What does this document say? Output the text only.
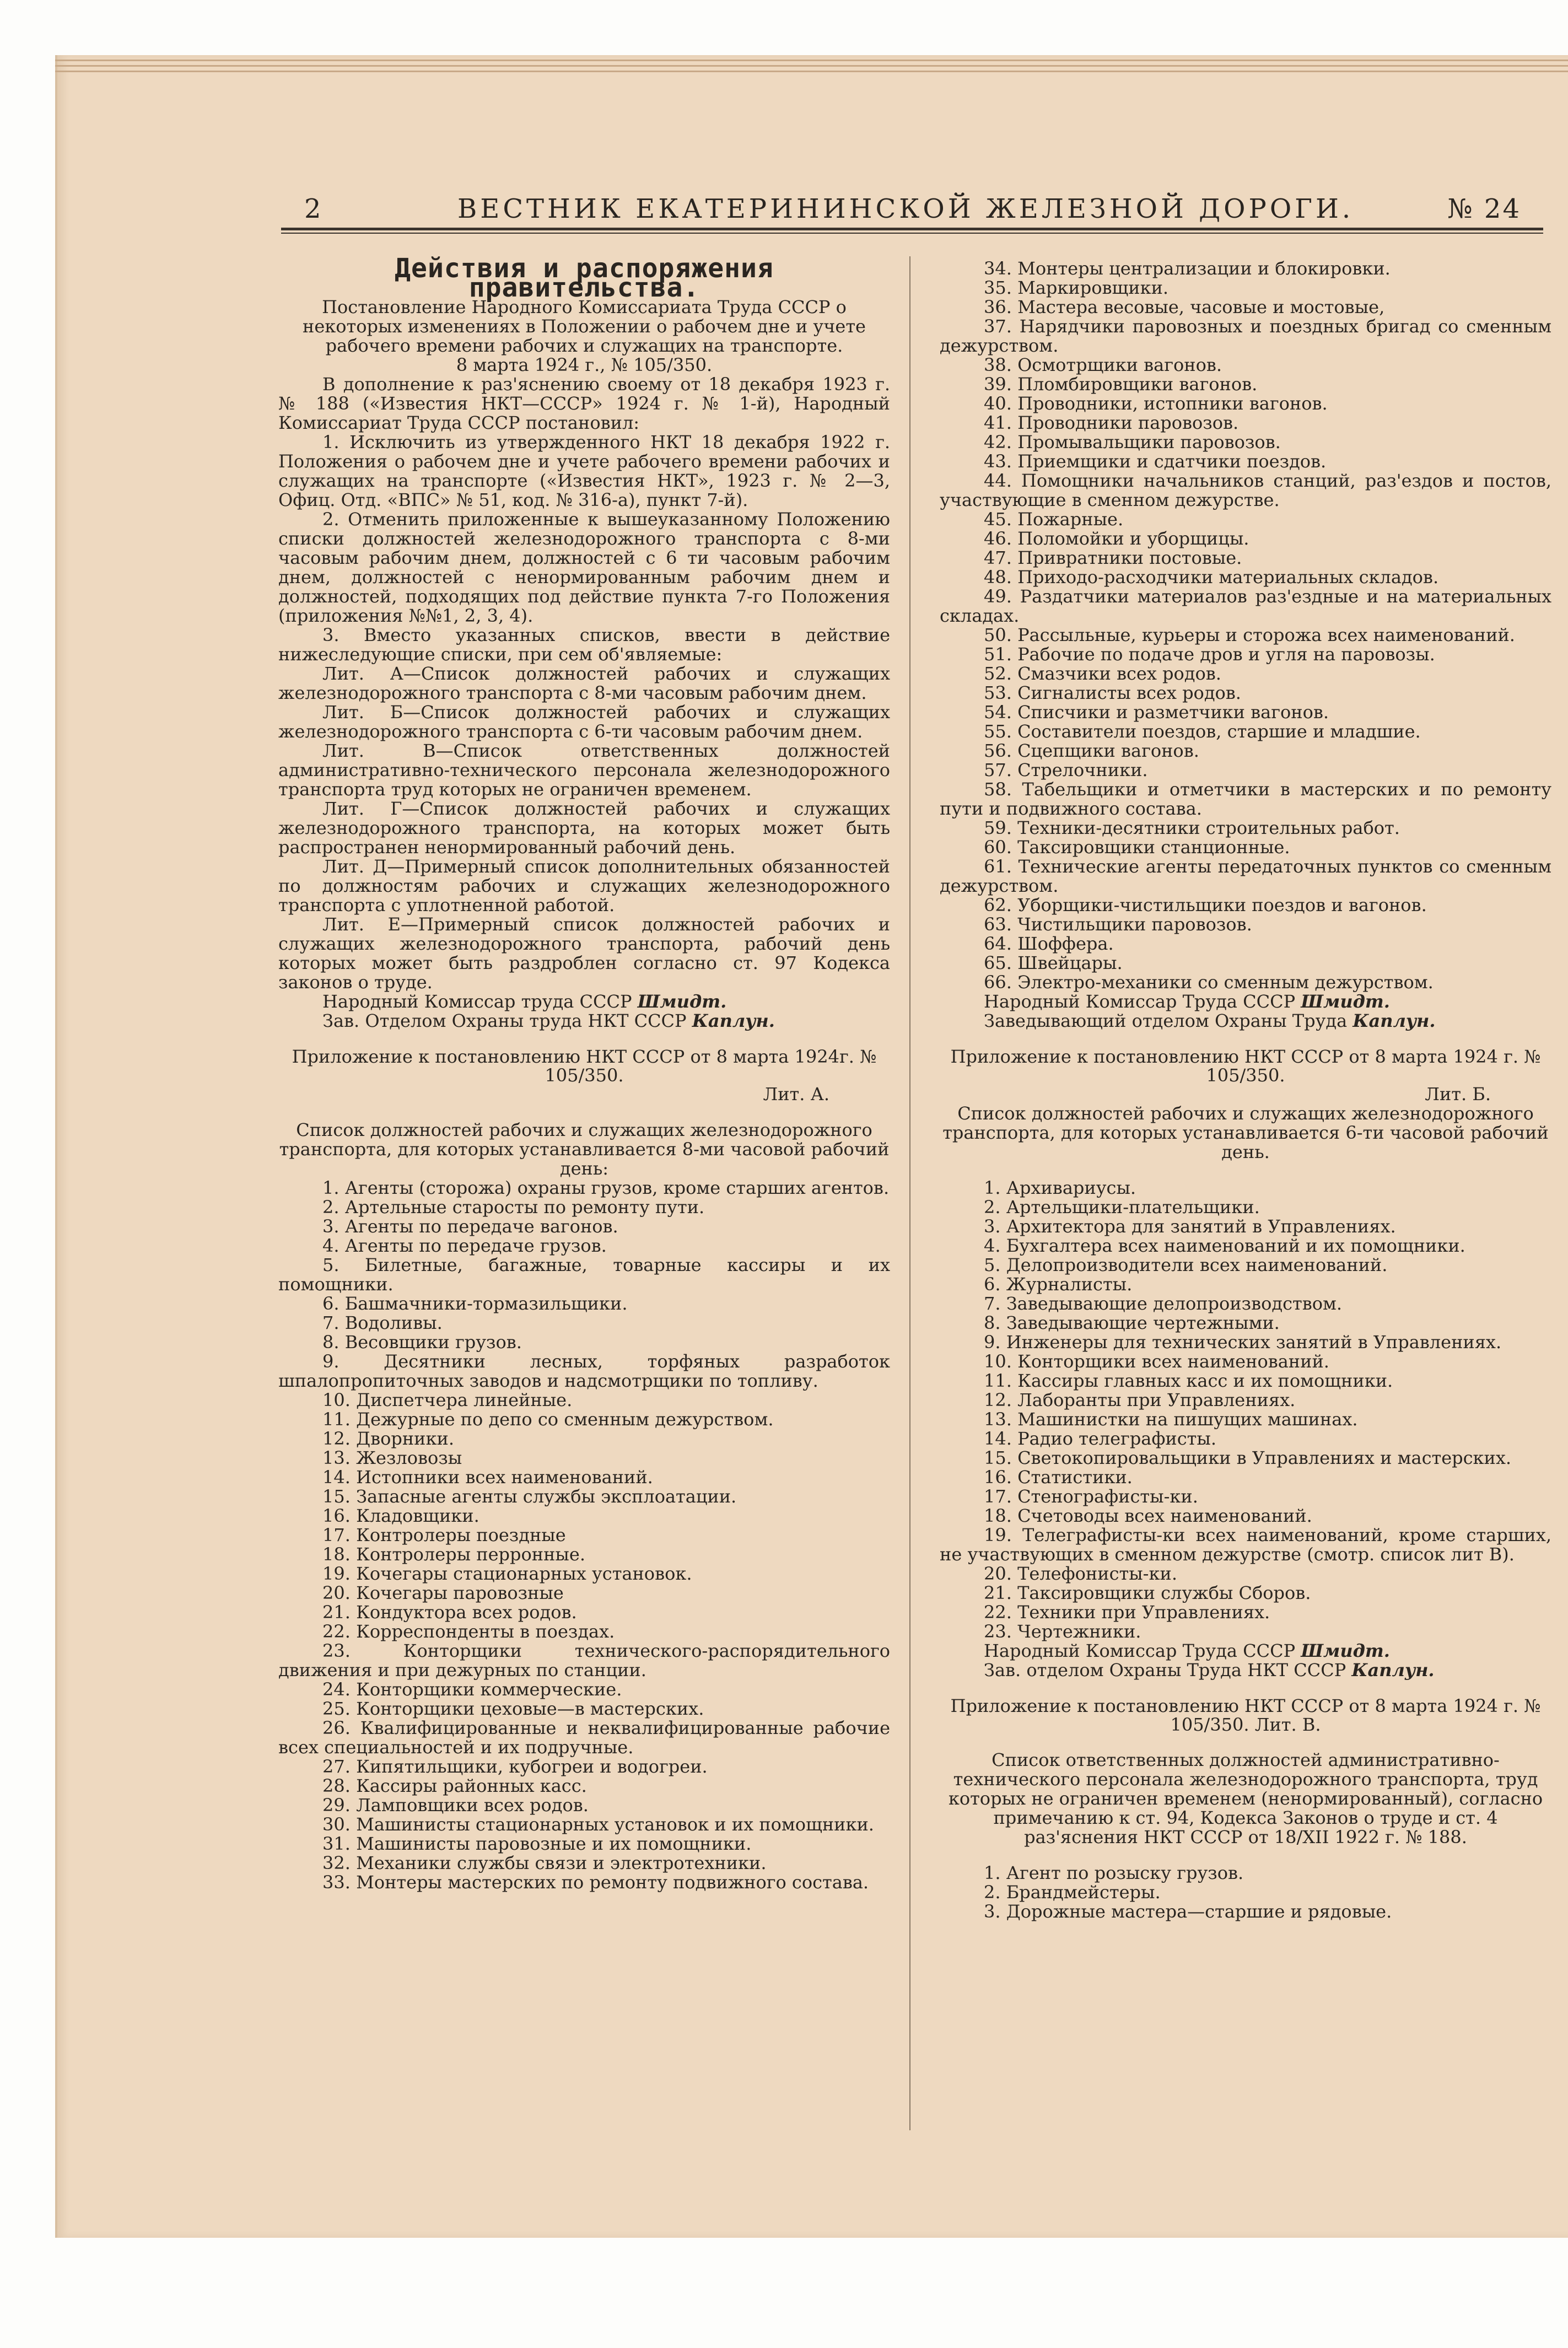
2	ВЕСТНИК ЕКАТЕРИНИНСКОЙ ЖЕЛЕЗНОЙ ДОРОГИ.	№ 24

Действия и распоряжения правительства.

Постановление Народного Комиссариата Труда СССР о некоторых изменениях в Положении о рабочем дне и учете рабочего времени рабочих и служащих на транспорте.

8 марта 1924 г., № 105/350.

В дополнение к раз'яснению своему от 18 декабря 1923 г. № 188 («Известия НКТ—СССР» 1924 г. № 1-й), Народный Комиссариат Труда СССР постановил:

1. Исключить из утвержденного НКТ 18 декабря 1922 г. Положения о рабочем дне и учете рабочего времени рабочих и служащих на транспорте («Известия НКТ», 1923 г. № 2—3, Офиц. Отд. «ВПС» № 51, код. № 316-а), пункт 7-й).

2. Отменить приложенные к вышеуказанному Положению списки должностей железнодорожного транспорта с 8-ми часовым рабочим днем, должностей с 6 ти часовым рабочим днем, должностей с ненормированным рабочим днем и должностей, подходящих под действие пункта 7-го Положения (приложения №№1, 2, 3, 4).

3. Вместо указанных списков, ввести в действие нижеследующие списки, при сем об'являемые:

Лит. А—Список должностей рабочих и служащих железнодорожного транспорта с 8-ми часовым рабочим днем.

Лит. Б—Список должностей рабочих и служащих железнодорожного транспорта с 6-ти часовым рабочим днем.

Лит. В—Список ответственных должностей административно-технического персонала железнодорожного транспорта труд которых не ограничен временем.

Лит. Г—Список должностей рабочих и служащих железнодорожного транспорта, на которых может быть распространен ненормированный рабочий день.

Лит. Д—Примерный список дополнительных обязанностей по должностям рабочих и служащих железнодорожного транспорта с уплотненной работой.

Лит. Е—Примерный список должностей рабочих и служащих железнодорожного транспорта, рабочий день которых может быть раздроблен согласно ст. 97 Кодекса законов о труде.

Народный Комиссар труда СССР Шмидт.

Зав. Отделом Охраны труда НКТ СССР Каплун.

Приложение к постановлению НКТ СССР от 8 марта 1924г. № 105/350.

Лит. А.

Список должностей рабочих и служащих железнодорожного транспорта, для которых устанавливается 8-ми часовой рабочий день:

1. Агенты (сторожа) охраны грузов, кроме старших агентов.

2. Артельные старосты по ремонту пути.

3. Агенты по передаче вагонов.

4. Агенты по передаче грузов.

5. Билетные, багажные, товарные кассиры и их помощники.

6. Башмачники-тормазильщики.

7. Водоливы.

8. Весовщики грузов.

9. Десятники лесных, торфяных разработок шпалопропиточных заводов и надсмотрщики по топливу.

10. Диспетчера линейные.

11. Дежурные по депо со сменным дежурством.

12. Дворники.

13. Жезловозы

14. Истопники всех наименований.

15. Запасные агенты службы эксплоатации.

16. Кладовщики.

17. Контролеры поездные

18. Контролеры перронные.

19. Кочегары стационарных установок.

20. Кочегары паровозные

21. Кондуктора всех родов.

22. Корреспонденты в поездах.

23. Конторщики технического-распорядительного движения и при дежурных по станции.

24. Конторщики коммерческие.

25. Конторщики цеховые—в мастерских.

26. Квалифицированные и неквалифицированные рабочие всех специальностей и их подручные.

27. Кипятильщики, кубогреи и водогреи.

28. Кассиры районных касс.

29. Ламповщики всех родов.

30. Машинисты стационарных установок и их помощники.

31. Машинисты паровозные и их помощники.

32. Механики службы связи и электротехники.

33. Монтеры мастерских по ремонту подвижного состава.

34. Монтеры централизации и блокировки.

35. Маркировщики.

36. Мастера весовые, часовые и мостовые,

37. Нарядчики паровозных и поездных бригад со сменным дежурством.

38. Осмотрщики вагонов.

39. Пломбировщики вагонов.

40. Проводники, истопники вагонов.

41. Проводники паровозов.

42. Промывальщики паровозов.

43. Приемщики и сдатчики поездов.

44. Помощники начальников станций, раз'ездов и постов, участвующие в сменном дежурстве.

45. Пожарные.

46. Поломойки и уборщицы.

47. Привратники постовые.

48. Приходо-расходчики материальных складов.

49. Раздатчики материалов раз'ездные и на материальных складах.

50. Рассыльные, курьеры и сторожа всех наименований.

51. Рабочие по подаче дров и угля на паровозы.

52. Смазчики всех родов.

53. Сигналисты всех родов.

54. Списчики и разметчики вагонов.

55. Составители поездов, старшие и младшие.

56. Сцепщики вагонов.

57. Стрелочники.

58. Табельщики и отметчики в мастерских и по ремонту пути и подвижного состава.

59. Техники-десятники строительных работ.

60. Таксировщики станционные.

61. Технические агенты передаточных пунктов со сменным дежурством.

62. Уборщики-чистильщики поездов и вагонов.

63. Чистильщики паровозов.

64. Шоффера.

65. Швейцары.

66. Электро-механики со сменным дежурством.

Народный Комиссар Труда СССР Шмидт.

Заведывающий отделом Охраны Труда Каплун.

Приложение к постановлению НКТ СССР от 8 марта 1924 г. № 105/350.

Лит. Б.

Список должностей рабочих и служащих железнодорожного транспорта, для которых устанавливается 6-ти часовой рабочий день.

1. Архивариусы.

2. Артельщики-плательщики.

3. Архитектора для занятий в Управлениях.

4. Бухгалтера всех наименований и их помощники.

5. Делопроизводители всех наименований.

6. Журналисты.

7. Заведывающие делопроизводством.

8. Заведывающие чертежными.

9. Инженеры для технических занятий в Управлениях.

10. Конторщики всех наименований.

11. Кассиры главных касс и их помощники.

12. Лаборанты при Управлениях.

13. Машинистки на пишущих машинах.

14. Радио телеграфисты.

15. Светокопировальщики в Управлениях и мастерских.

16. Статистики.

17. Стенографисты-ки.

18. Счетоводы всех наименований.

19. Телеграфисты-ки всех наименований, кроме старших, не участвующих в сменном дежурстве (смотр. список лит В).

20. Телефонисты-ки.

21. Таксировщики службы Сборов.

22. Техники при Управлениях.

23. Чертежники.

Народный Комиссар Труда СССР Шмидт.

Зав. отделом Охраны Труда НКТ СССР Каплун.

Приложение к постановлению НКТ СССР от 8 марта 1924 г. № 105/350. Лит. В.

Список ответственных должностей административно-технического персонала железнодорожного транспорта, труд которых не ограничен временем (ненормированный), согласно примечанию к ст. 94, Кодекса Законов о труде и ст. 4 раз'яснения НКТ СССР от 18/XII 1922 г. № 188.

1. Агент по розыску грузов.

2. Брандмейстеры.

3. Дорожные мастера—старшие и рядовые.
